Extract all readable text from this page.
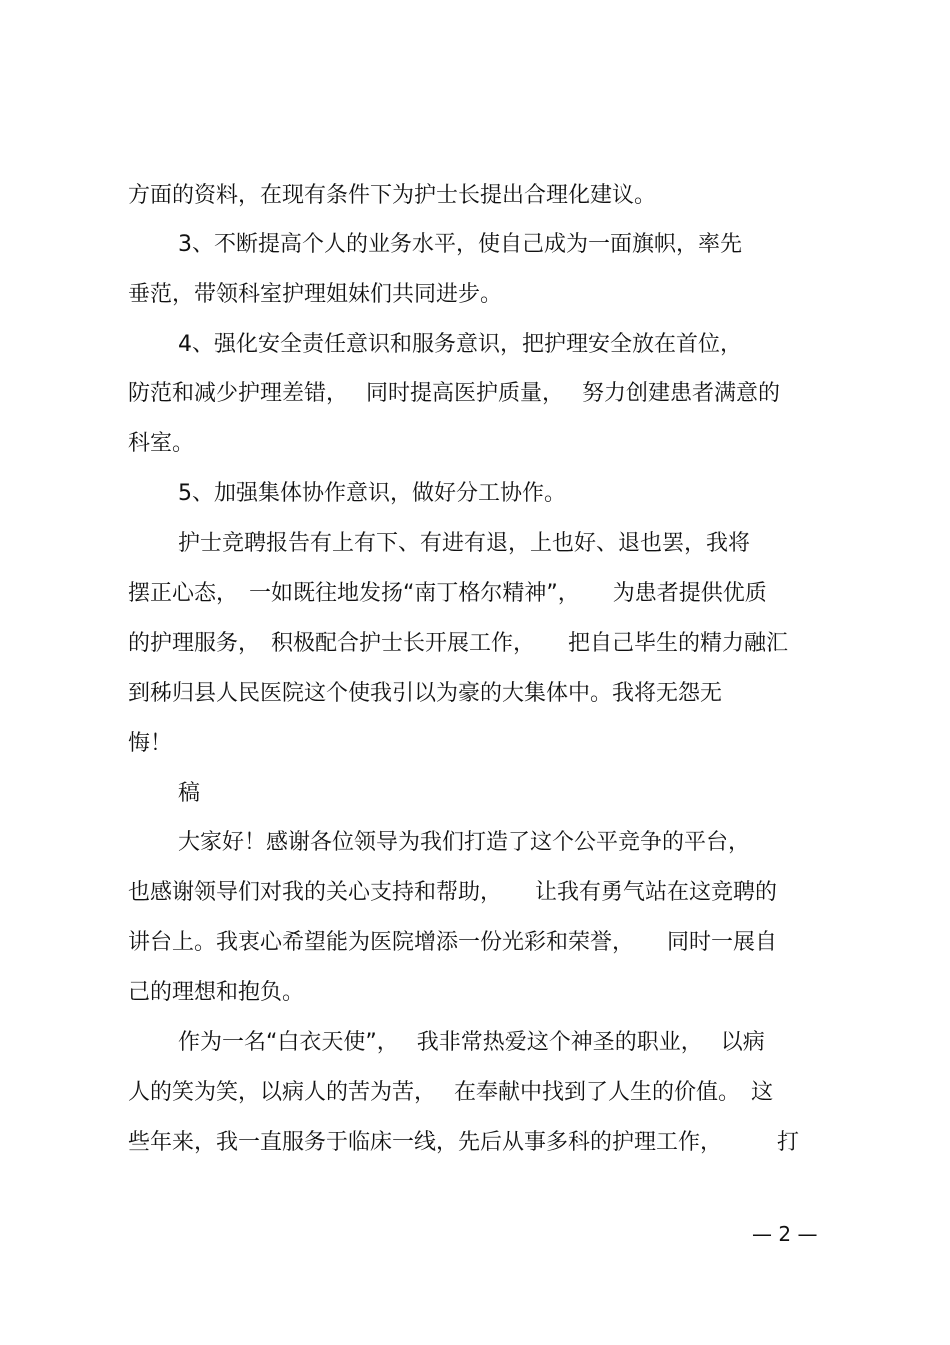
方面的资料，在现有条件下为护士长提出合理化建议。

3、不断提高个人的业务水平，使自己成为一面旗帜，率先

垂范，带领科室护理姐妹们共同进步。

4、强化安全责任意识和服务意识，把护理安全放在首位，

防范和减少护理差错，　 同时提高医护质量，　 努力创建患者满意的

科室。

5、加强集体协作意识，做好分工协作。

护士竞聘报告有上有下、有进有退，上也好、退也罢，我将

摆正心态，　一如既往地发扬“南丁格尔精神”，　　为患者提供优质

的护理服务，　积极配合护士长开展工作，　　把自己毕生的精力融汇

到秭归县人民医院这个使我引以为豪的大集体中。我将无怨无

悔！

稿

大家好！感谢各位领导为我们打造了这个公平竞争的平台，

也感谢领导们对我的关心支持和帮助，　　让我有勇气站在这竞聘的

讲台上。我衷心希望能为医院增添一份光彩和荣誉，　　同时一展自

己的理想和抱负。

作为一名“白衣天使”，　 我非常热爱这个神圣的职业，　 以病

人的笑为笑，以病人的苦为苦，　 在奉献中找到了人生的价值。　这

些年来，我一直服务于临床一线，先后从事多科的护理工作，　　　打

— 2 —
